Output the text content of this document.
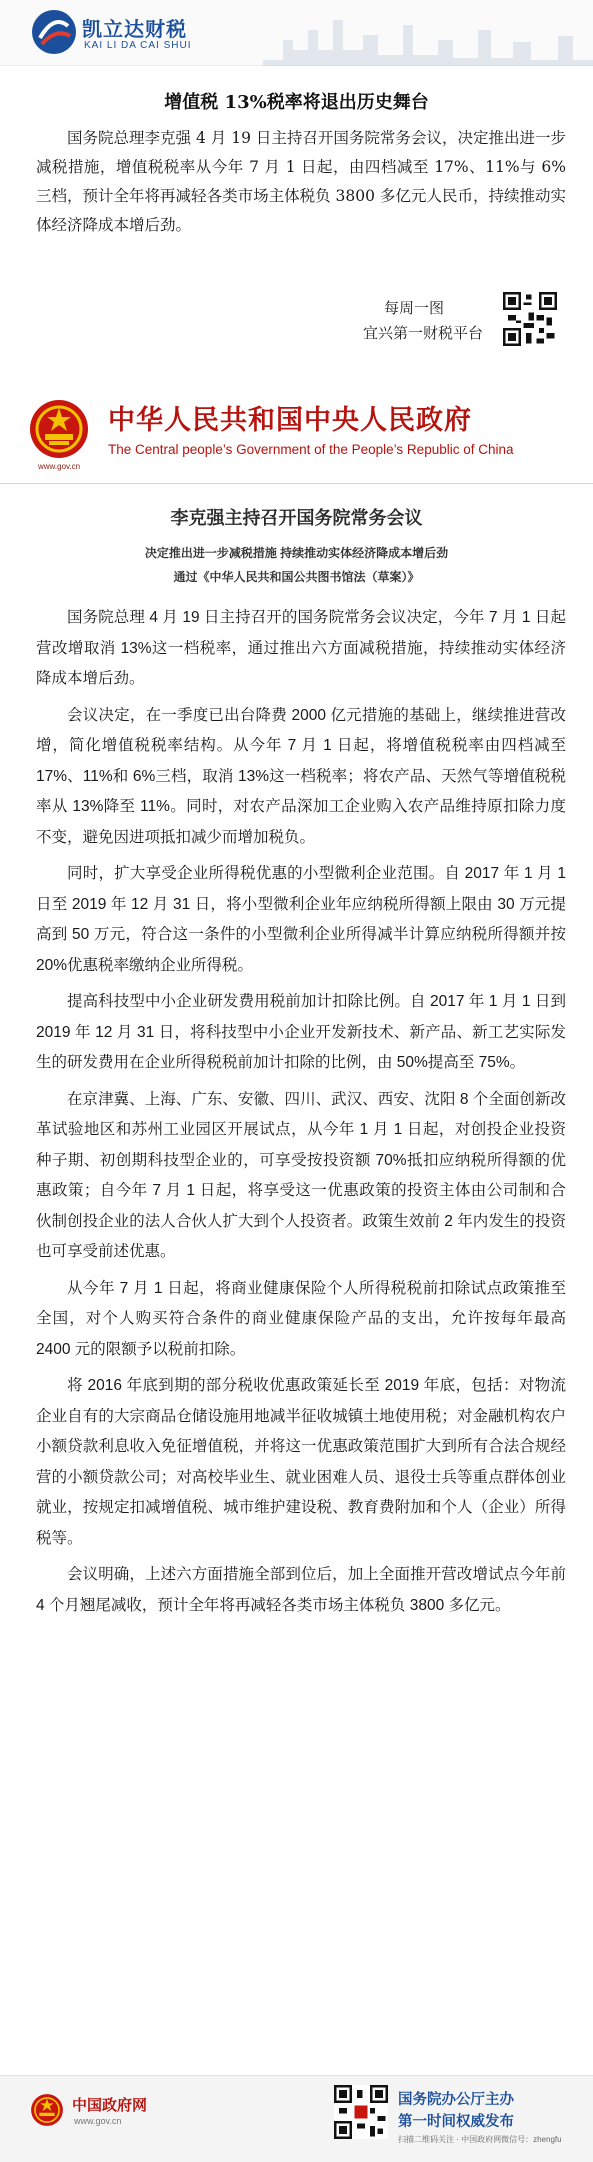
凯立达财税
KAI LI DA CAI SHUI
增值税 13%税率将退出历史舞台
国务院总理李克强 4 月 19 日主持召开国务院常务会议，决定推出进一步减税措施，增值税税率从今年 7 月 1 日起，由四档减至 17%、11%与 6%三档，预计全年将再减轻各类市场主体税负 3800 多亿元人民币，持续推动实体经济降成本增后劲。
每周一图
宜兴第一财税平台
www.gov.cn
中华人民共和国中央人民政府
The Central people’s Government of the People’s Republic of China
李克强主持召开国务院常务会议
决定推出进一步减税措施 持续推动实体经济降成本增后劲
通过《中华人民共和国公共图书馆法（草案）》

国务院总理 4 月 19 日主持召开的国务院常务会议决定，今年 7 月 1 日起营改增取消 13%这一档税率，通过推出六方面减税措施，持续推动实体经济降成本增后劲。

会议决定，在一季度已出台降费 2000 亿元措施的基础上，继续推进营改增，简化增值税税率结构。从今年 7 月 1 日起，将增值税税率由四档减至 17%、11%和 6%三档，取消 13%这一档税率；将农产品、天然气等增值税税率从 13%降至 11%。同时，对农产品深加工企业购入农产品维持原扣除力度不变，避免因进项抵扣减少而增加税负。

同时，扩大享受企业所得税优惠的小型微利企业范围。自 2017 年 1 月 1 日至 2019 年 12 月 31 日，将小型微利企业年应纳税所得额上限由 30 万元提高到 50 万元，符合这一条件的小型微利企业所得减半计算应纳税所得额并按 20%优惠税率缴纳企业所得税。

提高科技型中小企业研发费用税前加计扣除比例。自 2017 年 1 月 1 日到 2019 年 12 月 31 日，将科技型中小企业开发新技术、新产品、新工艺实际发生的研发费用在企业所得税税前加计扣除的比例，由 50%提高至 75%。

在京津冀、上海、广东、安徽、四川、武汉、西安、沈阳 8 个全面创新改革试验地区和苏州工业园区开展试点，从今年 1 月 1 日起，对创投企业投资种子期、初创期科技型企业的，可享受按投资额 70%抵扣应纳税所得额的优惠政策；自今年 7 月 1 日起，将享受这一优惠政策的投资主体由公司制和合伙制创投企业的法人合伙人扩大到个人投资者。政策生效前 2 年内发生的投资也可享受前述优惠。

从今年 7 月 1 日起，将商业健康保险个人所得税税前扣除试点政策推至全国，对个人购买符合条件的商业健康保险产品的支出，允许按每年最高 2400 元的限额予以税前扣除。

将 2016 年底到期的部分税收优惠政策延长至 2019 年底，包括：对物流企业自有的大宗商品仓储设施用地减半征收城镇土地使用税；对金融机构农户小额贷款利息收入免征增值税，并将这一优惠政策范围扩大到所有合法合规经营的小额贷款公司；对高校毕业生、就业困难人员、退役士兵等重点群体创业就业，按规定扣减增值税、城市维护建设税、教育费附加和个人（企业）所得税等。

会议明确，上述六方面措施全部到位后，加上全面推开营改增试点今年前 4 个月翘尾减收，预计全年将再减轻各类市场主体税负 3800 多亿元。

中国政府网
www.gov.cn
国务院办公厅主办
第一时间权威发布
扫描二维码关注 · 中国政府网微信号：zhengfu
